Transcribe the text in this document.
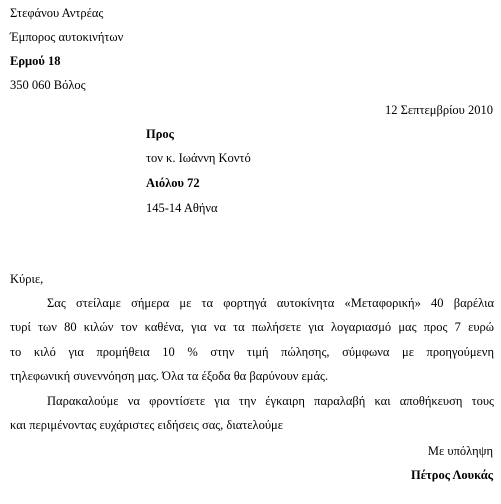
Στεφάνου Αντρέας
Έμπορος αυτοκινήτων
Ερμού 18
350 060 Βόλος
12 Σεπτεμβρίου 2010
Προς
τον κ. Ιωάννη Κοντό
Αιόλου 72
145-14 Αθήνα
Κύριε,
Σας στείλαμε σήμερα με τα φορτηγά αυτοκίνητα «Μεταφορική» 40 βαρέλια
τυρί των 80 κιλών τον καθένα, για να τα πωλήσετε για λογαριασμό μας προς 7 ευρώ
το κιλό για προμήθεια 10 % στην τιμή πώλησης, σύμφωνα με προηγούμενη
τηλεφωνική συνεννόηση μας. Όλα τα έξοδα θα βαρύνουν εμάς.
Παρακαλούμε να φροντίσετε για την έγκαιρη παραλαβή και αποθήκευση τους
και περιμένοντας ευχάριστες ειδήσεις σας, διατελούμε
Με υπόληψη
Πέτρος Λουκάς
